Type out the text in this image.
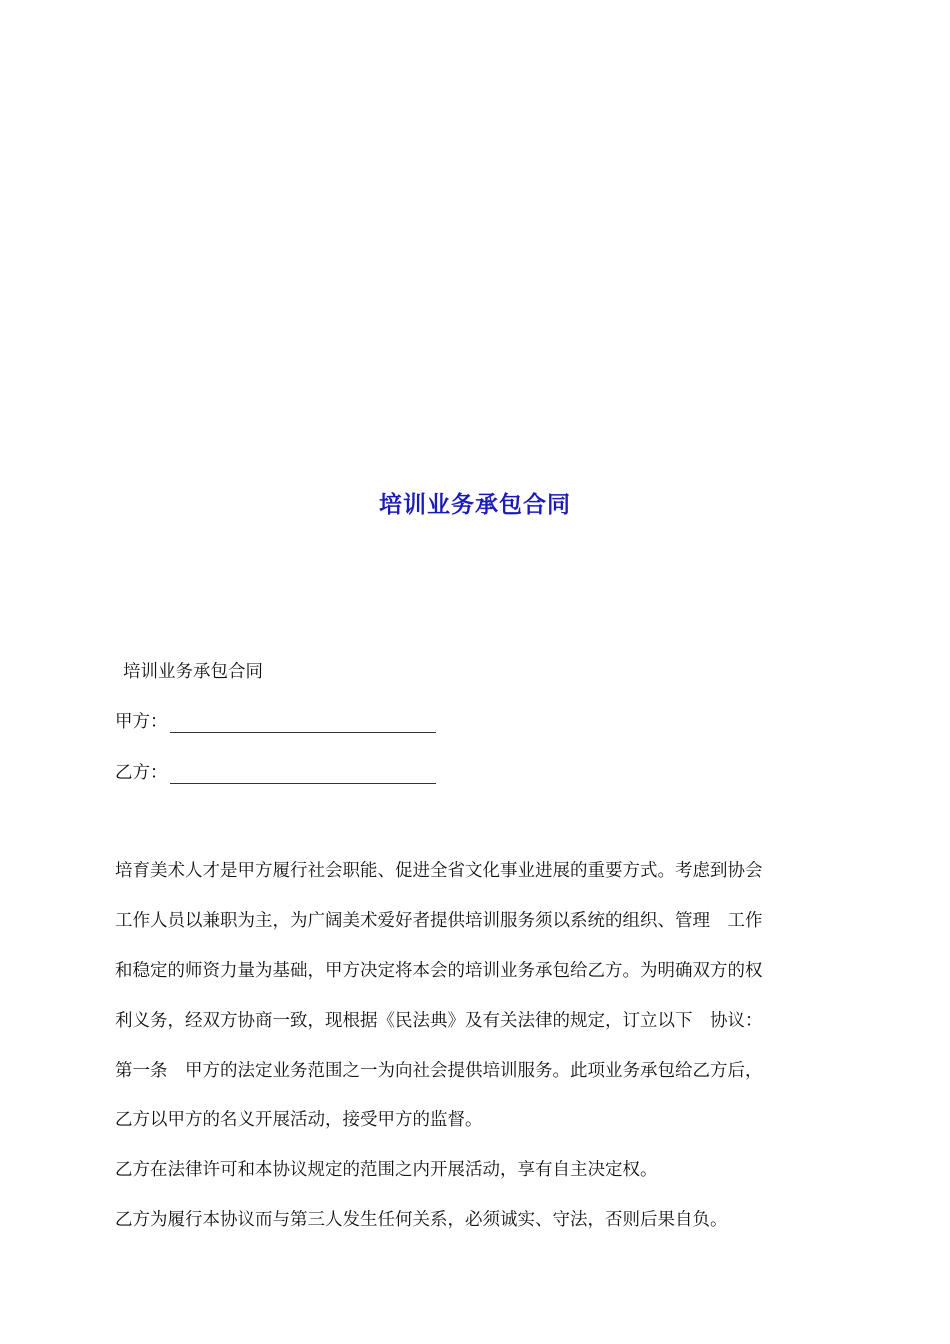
培训业务承包合同
培训业务承包合同
甲方：
乙方：
培育美术人才是甲方履行社会职能、促进全省文化事业进展的重要方式。考虑到协会
工作人员以兼职为主，为广阔美术爱好者提供培训服务须以系统的组织、管理　工作
和稳定的师资力量为基础，甲方决定将本会的培训业务承包给乙方。为明确双方的权
利义务，经双方协商一致，现根据《民法典》及有关法律的规定，订立以下　协议：
第一条　甲方的法定业务范围之一为向社会提供培训服务。此项业务承包给乙方后，
乙方以甲方的名义开展活动，接受甲方的监督。
乙方在法律许可和本协议规定的范围之内开展活动，享有自主决定权。
乙方为履行本协议而与第三人发生任何关系，必须诚实、守法，否则后果自负。
